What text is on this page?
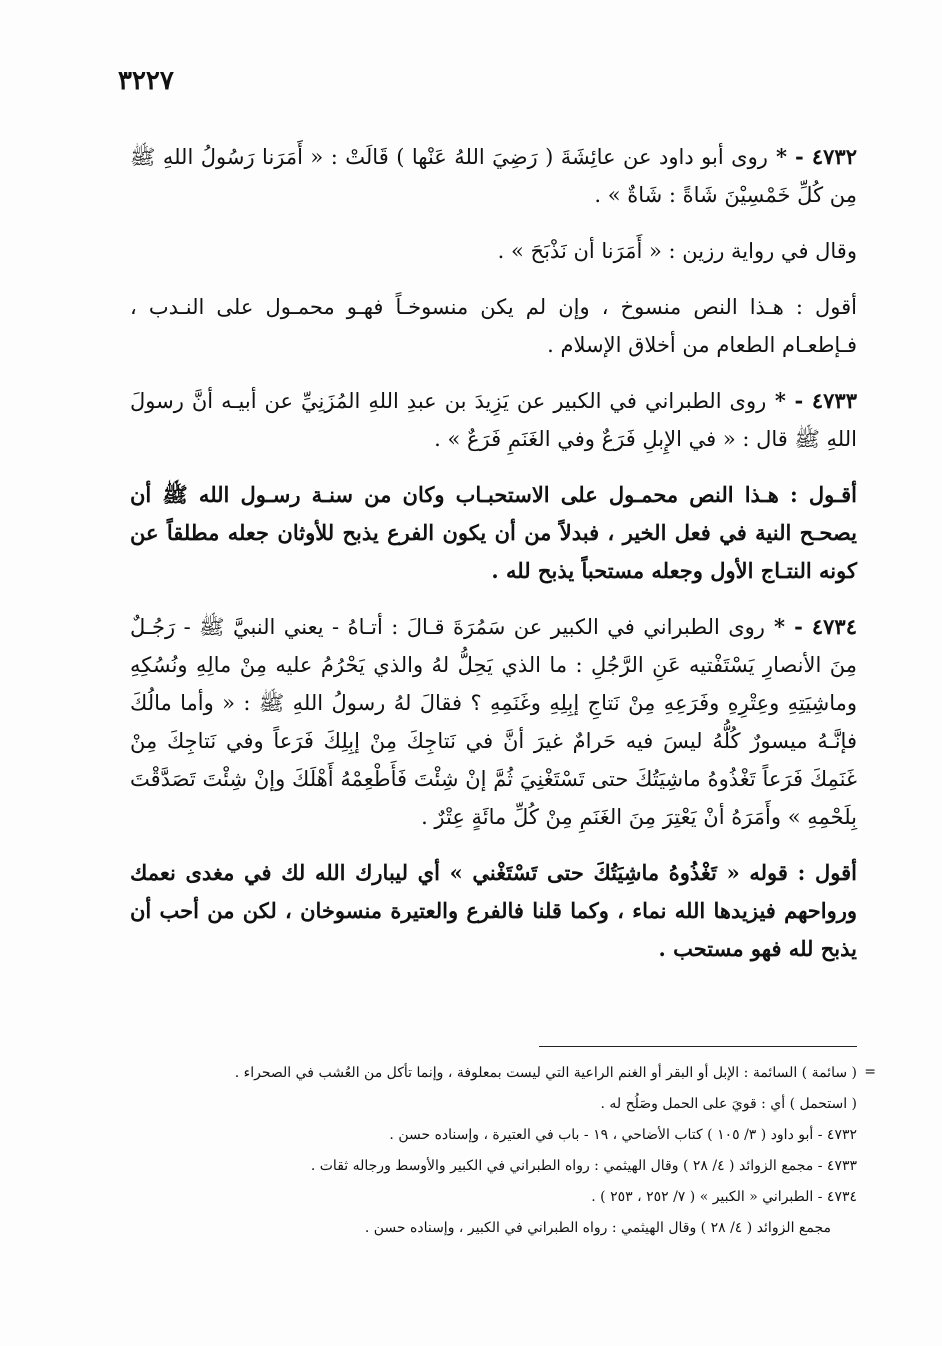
٣٢٢٧

٤٧٣٢ - * روى أبو داود عن عائِشَةَ ( رَضِيَ اللهُ عَنْها ) قَالَتْ : « أَمَرَنا رَسُولُ اللهِ ﷺ مِن كُلِّ خَمْسِيْنَ شَاةً : شَاةٌ » .

وقال في رواية رزين : « أَمَرَنا أن نَذْبَحَ » .

أقول : هـذا النص منسوخ ، وإن لم يكن منسوخـاً فهـو محمـول على النـدب ، فـإطعـام الطعام من أخلاق الإسلام .

٤٧٣٣ - * روى الطبراني في الكبير عن يَزِيدَ بن عبدِ اللهِ المُزَنِيِّ عن أبيـه أنَّ رسولَ اللهِ ﷺ قال : « في الإِبلِ فَرَعٌ وفي الغَنَمِ فَرَعٌ » .

أقـول : هـذا النص محمـول على الاستحبـاب وكان من سنـة رسـول الله ﷺ أن يصحـح النية في فعل الخير ، فبدلاً من أن يكون الفرع يذبح للأوثان جعله مطلقاً عن كونه النتـاج الأول وجعله مستحباً يذبح لله .

٤٧٣٤ - * روى الطبراني في الكبير عن سَمُرَةَ قـالَ : أتـاهُ - يعني النبيَّ ﷺ - رَجُـلٌ مِنَ الأنصارِ يَسْتَفْتيه عَنِ الرَّجُلِ : ما الذي يَحِلُّ لهُ والذي يَحْرُمُ عليه مِنْ مالِهِ ونُسُكِهِ وماشِيَتِهِ وعِتْرِهِ وفَرَعِهِ مِنْ نَتاجِ إبِلِهِ وغَنَمِهِ ؟ فقالَ لهُ رسولُ اللهِ ﷺ : « وأما مالُكَ فإنَّـهُ ميسورٌ كُلُّهُ ليسَ فيه حَرامٌ غيرَ أنَّ في نَتاجِكَ مِنْ إبِلِكَ فَرَعاً وفي نَتاجِكَ مِنْ غَنَمِكَ فَرَعاً تَغْذُوهُ ماشِيَتُكَ حتى تَسْتَغْنِيَ ثُمَّ إنْ شِئْتَ فَأَطْعِمْهُ أَهْلَكَ وإنْ شِئْتَ تَصَدَّقْتَ بِلَحْمِهِ » وأَمَرَهُ أنْ يَعْتِرَ مِنَ الغَنَمِ مِنْ كُلِّ مائَةٍ عِتْرٌ .

أقول : قوله « تَغْذُوهُ ماشِيَتُكَ حتى تَسْتَغْني » أي ليبارك الله لك في مغدى نعمك ورواحهم فيزيدها الله نماء ، وكما قلنا فالفرع والعتيرة منسوخان ، لكن من أحب أن يذبح لله فهو مستحب .

=

( سائمة ) السائمة : الإبل أو البقر أو الغنم الراعية التي ليست بمعلوفة ، وإنما تأكل من العُشب في الصحراء .

( استحمل ) أي : قويَ على الحمل وصَلُح له .

٤٧٣٢ - أبو داود ( ٣/ ١٠٥ ) كتاب الأضاحي ، ١٩ - باب في العتيرة ، وإسناده حسن .

٤٧٣٣ - مجمع الزوائد ( ٤/ ٢٨ ) وقال الهيثمي : رواه الطبراني في الكبير والأوسط ورجاله ثقات .

٤٧٣٤ - الطبراني « الكبير » ( ٧/ ٢٥٢ ، ٢٥٣ ) .

مجمع الزوائد ( ٤/ ٢٨ ) وقال الهيثمي : رواه الطبراني في الكبير ، وإسناده حسن .
